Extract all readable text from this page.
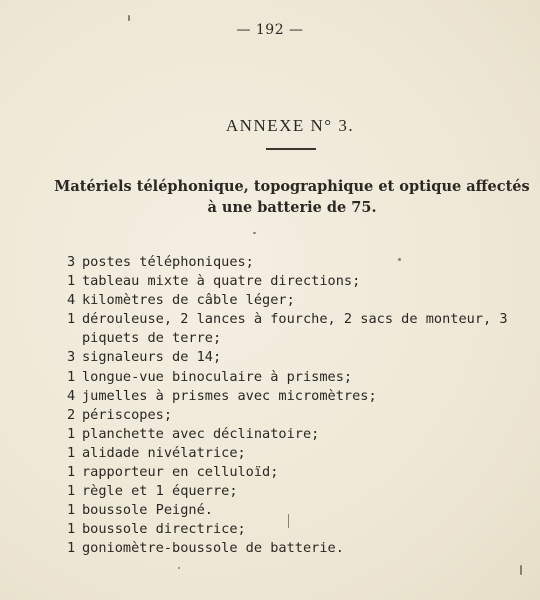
— 192 —
ANNEXE N° 3.
Matériels téléphonique, topographique et optique affectés à une batterie de 75.
3 postes téléphoniques;
1 tableau mixte à quatre directions;
4 kilomètres de câble léger;
1 dérouleuse, 2 lances à fourche, 2 sacs de monteur, 3 piquets de terre;
3 signaleurs de 14;
1 longue-vue binoculaire à prismes;
4 jumelles à prismes avec micromètres;
2 périscopes;
1 planchette avec déclinatoire;
1 alidade nivélatrice;
1 rapporteur en celluloïd;
1 règle et 1 équerre;
1 boussole Peigné.
1 boussole directrice;
1 goniomètre-boussole de batterie.
